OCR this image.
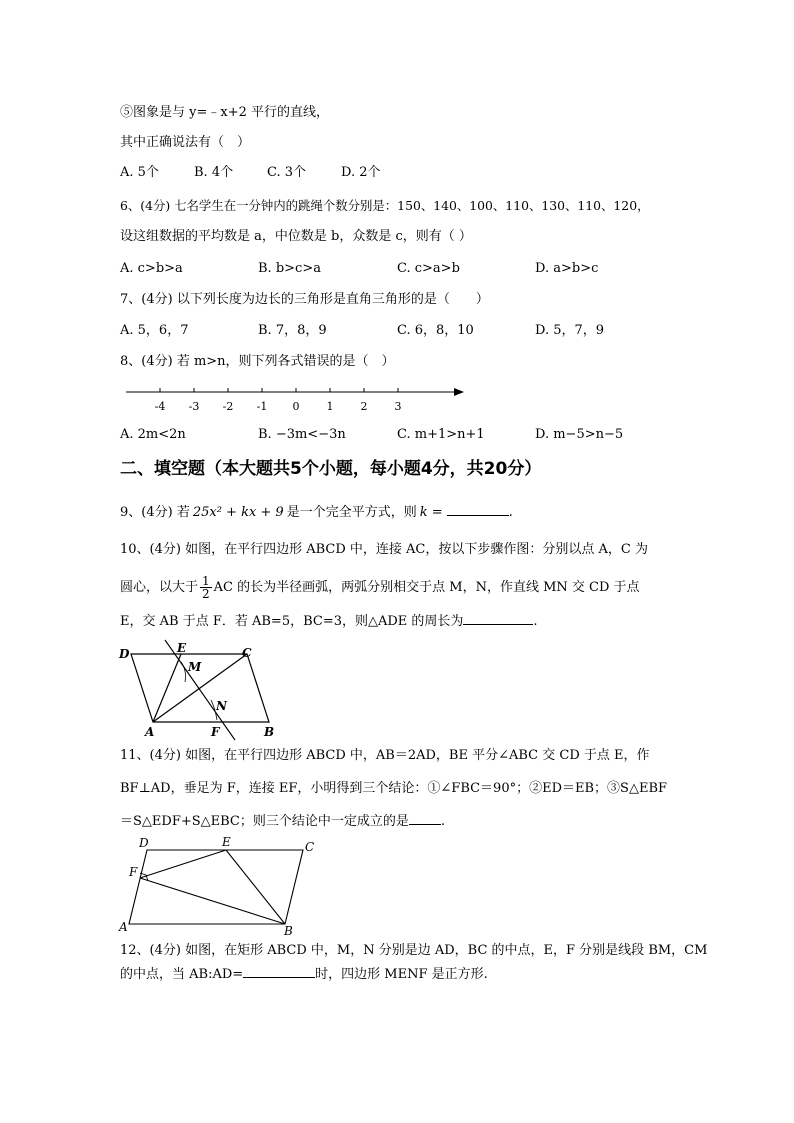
⑤图象是与 y=﹣x+2 平行的直线，
其中正确说法有（　）
A. 5个	B. 4个	C. 3个	D. 2个
6、(4分) 七名学生在一分钟内的跳绳个数分别是：150、140、100、110、130、110、120，
设这组数据的平均数是 a，中位数是 b，众数是 c，则有（ ）
A. c>b>a	B. b>c>a	C. c>a>b	D. a>b>c
7、(4分) 以下列长度为边长的三角形是直角三角形的是（　　）
A. 5，6，7	B. 7，8，9	C. 6，8，10	D. 5，7，9
8、(4分) 若 m>n，则下列各式错误的是（　）
-4 -3 -2 -1 0 1 2 3
A. 2m<2n	B. −3m<−3n	C. m+1>n+1	D. m−5>n−5
二、填空题（本大题共5个小题，每小题4分，共20分）
9、(4分) 若 25x² + kx + 9 是一个完全平方式，则 k =	.
10、(4分) 如图，在平行四边形 ABCD 中，连接 AC，按以下步骤作图：分别以点 A，C 为
圆心，以大于 $\frac{1}{2}$ AC 的长为半径画弧，两弧分别相交于点 M，N，作直线 MN 交 CD 于点
E，交 AB 于点 F．若 AB=5，BC=3，则△ADE 的周长为	.
D	E
M
C
N
A	F	B
11、(4分) 如图，在平行四边形 ABCD 中，AB＝2AD，BE 平分∠ABC 交 CD 于点 E，作
BF⊥AD，垂足为 F，连接 EF，小明得到三个结论：①∠FBC＝90°；②ED＝EB；③S△EBF
＝S△EDF+S△EBC；则三个结论中一定成立的是 .
D	E	C
F
A	B
12、(4分) 如图，在矩形 ABCD 中，M，N 分别是边 AD，BC 的中点，E，F 分别是线段 BM，CM
的中点，当 AB:AD=	时，四边形 MENF 是正方形.
